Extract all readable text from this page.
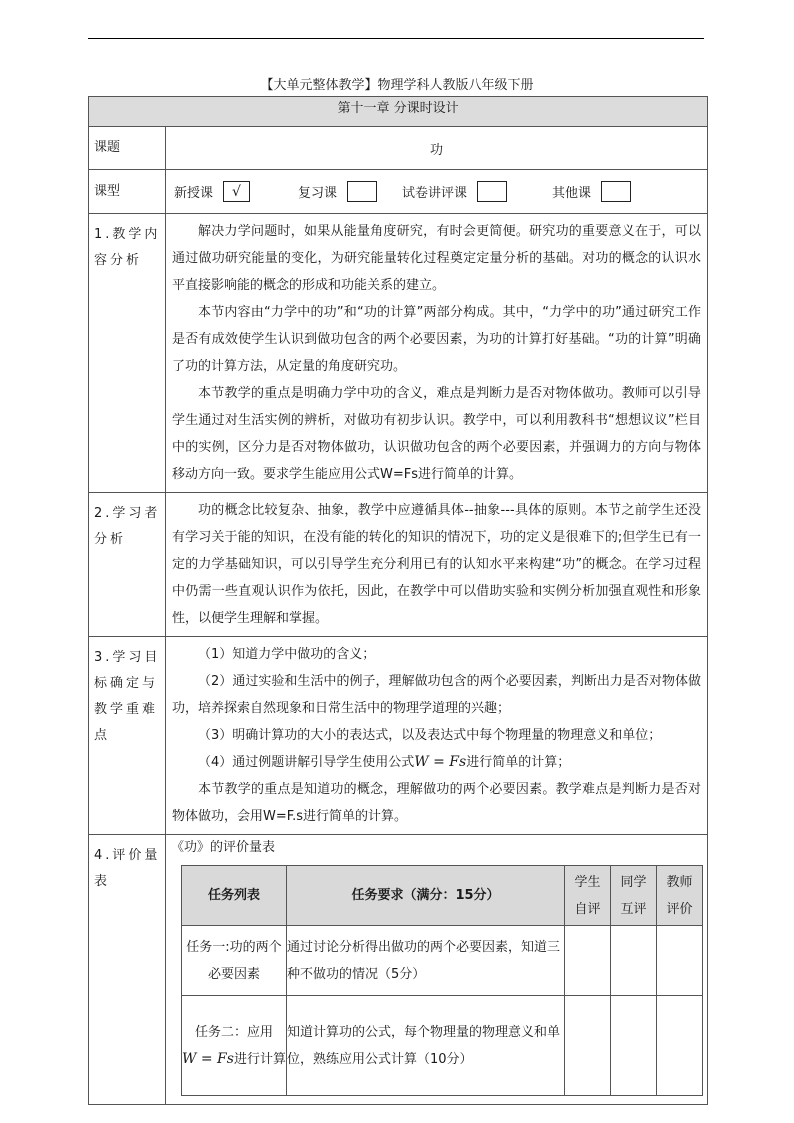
【大单元整体教学】物理学科人教版八年级下册
第十一章 分课时设计
课题	功
课型	新授课	√	复习课	试卷讲评课	其他课

1.教学内容分析	

解决力学问题时，如果从能量角度研究，有时会更简便。研究功的重要意义在于，可以通过做功研究能量的变化，为研究能量转化过程奠定定量分析的基础。对功的概念的认识水平直接影响能的概念的形成和功能关系的建立。

本节内容由“力学中的功”和“功的计算”两部分构成。其中，“力学中的功”通过研究工作是否有成效使学生认识到做功包含的两个必要因素，为功的计算打好基础。“功的计算”明确了功的计算方法，从定量的角度研究功。

本节教学的重点是明确力学中功的含义，难点是判断力是否对物体做功。教师可以引导学生通过对生活实例的辨析，对做功有初步认识。教学中，可以利用教科书“想想议议”栏目中的实例，区分力是否对物体做功，认识做功包含的两个必要因素，并强调力的方向与物体移动方向一致。要求学生能应用公式W=Fs进行简单的计算。

2.学习者分析	

功的概念比较复杂、抽象，教学中应遵循具体--抽象---具体的原则。本节之前学生还没有学习关于能的知识，在没有能的转化的知识的情况下，功的定义是很难下的;但学生已有一定的力学基础知识，可以引导学生充分利用已有的认知水平来构建“功”的概念。在学习过程中仍需一些直观认识作为依托，因此，在教学中可以借助实验和实例分析加强直观性和形象性，以便学生理解和掌握。

3.学习目标确定与教学重难点	

（1）知道力学中做功的含义；

（2）通过实验和生活中的例子，理解做功包含的两个必要因素，判断出力是否对物体做功，培养探索自然现象和日常生活中的物理学道理的兴趣；

（3）明确计算功的大小的表达式，以及表达式中每个物理量的物理意义和单位；

（4）通过例题讲解引导学生使用公式W = Fs进行简单的计算；

本节教学的重点是知道功的概念，理解做功的两个必要因素。教学难点是判断力是否对物体做功，会用W=F.s进行简单的计算。

4.评价量表	
《功》的评价量表
任务列表	任务要求（满分：15分）	学生自评	同学互评	教师评价
任务一:功的两个必要因素	通过讨论分析得出做功的两个必要因素，知道三种不做功的情况（5分）			
任务二：应用
W = Fs进行计算	知道计算功的公式，每个物理量的物理意义和单位，熟练应用公式计算（10分）			
